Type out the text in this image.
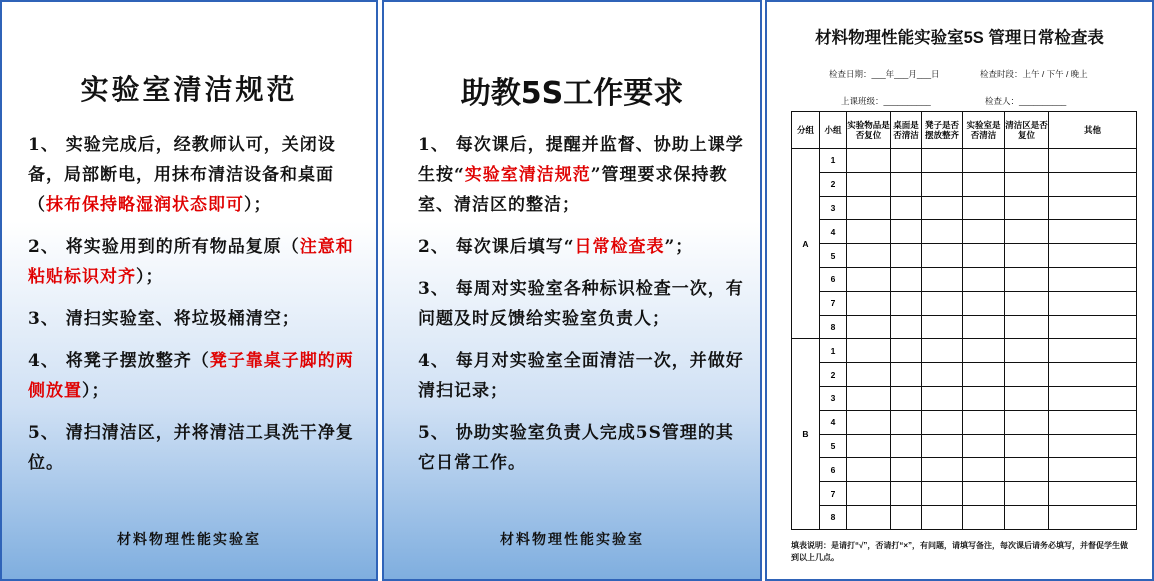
实验室清洁规范
1、 实验完成后，经教师认可，关闭设备，局部断电，用抹布清洁设备和桌面（抹布保持略湿润状态即可）；
2、 将实验用到的所有物品复原（注意和粘贴标识对齐）；
3、 清扫实验室、将垃圾桶清空；
4、 将凳子摆放整齐（凳子靠桌子脚的两侧放置）；
5、 清扫清洁区，并将清洁工具洗干净复位。
材料物理性能实验室
助教5S工作要求
1、 每次课后，提醒并监督、协助上课学生按“实验室清洁规范”管理要求保持教室、清洁区的整洁；
2、 每次课后填写“日常检查表”；
3、 每周对实验室各种标识检查一次，有问题及时反馈给实验室负责人；
4、 每月对实验室全面清洁一次，并做好清扫记录；
5、 协助实验室负责人完成5S管理的其它日常工作。
材料物理性能实验室
材料物理性能实验室5S 管理日常检查表
检查日期：___年___月___日	检查时段：上午 / 下午 / 晚上
上课班级：__________	检查人：__________
分组	小组	实验物品是否复位	桌面是否清洁	凳子是否摆放整齐	实验室是否清洁	清洁区是否复位	其他
A	1						
	2						
	3						
	4						
	5						
	6						
	7						
	8						
B	1						
	2						
	3						
	4						
	5						
	6						
	7						
	8						
填表说明：是请打“√”，否请打“×”，有问题，请填写备注，每次课后请务必填写，并督促学生做到以上几点。
